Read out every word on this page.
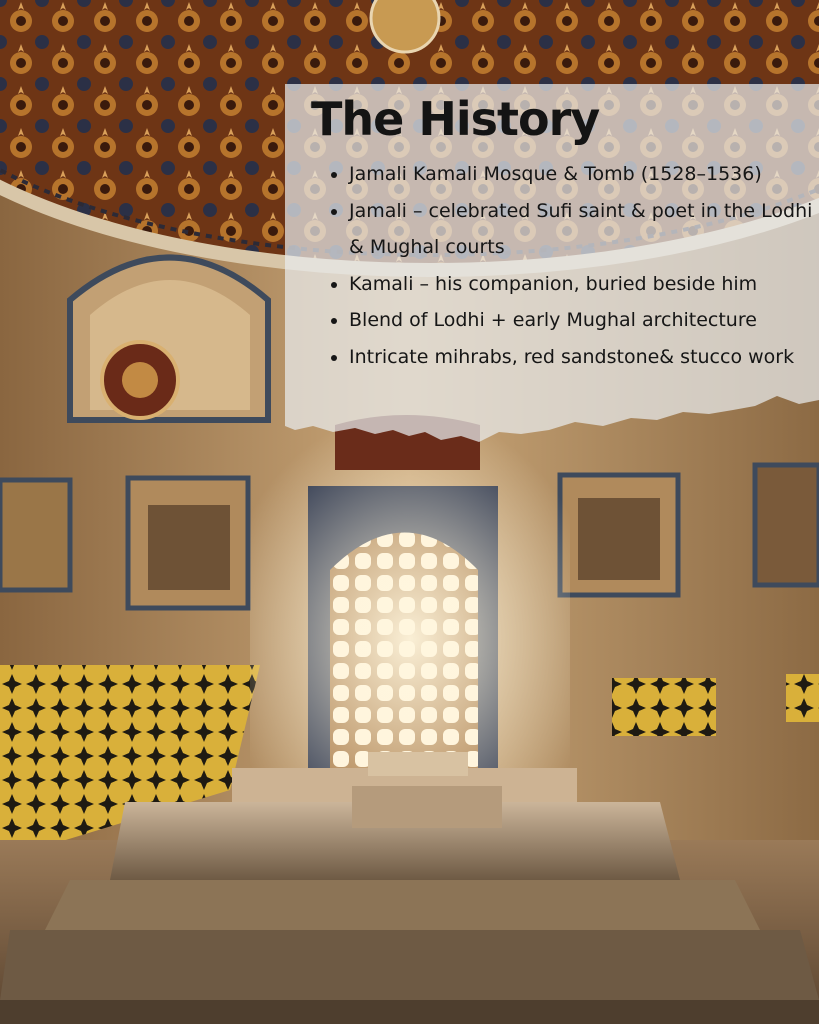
The History
• Jamali Kamali Mosque & Tomb (1528–1536)
• Jamali – celebrated Sufi saint & poet in the Lodhi & Mughal courts
• Kamali – his companion, buried beside him
• Blend of Lodhi + early Mughal architecture
• Intricate mihrabs, red sandstone& stucco work
